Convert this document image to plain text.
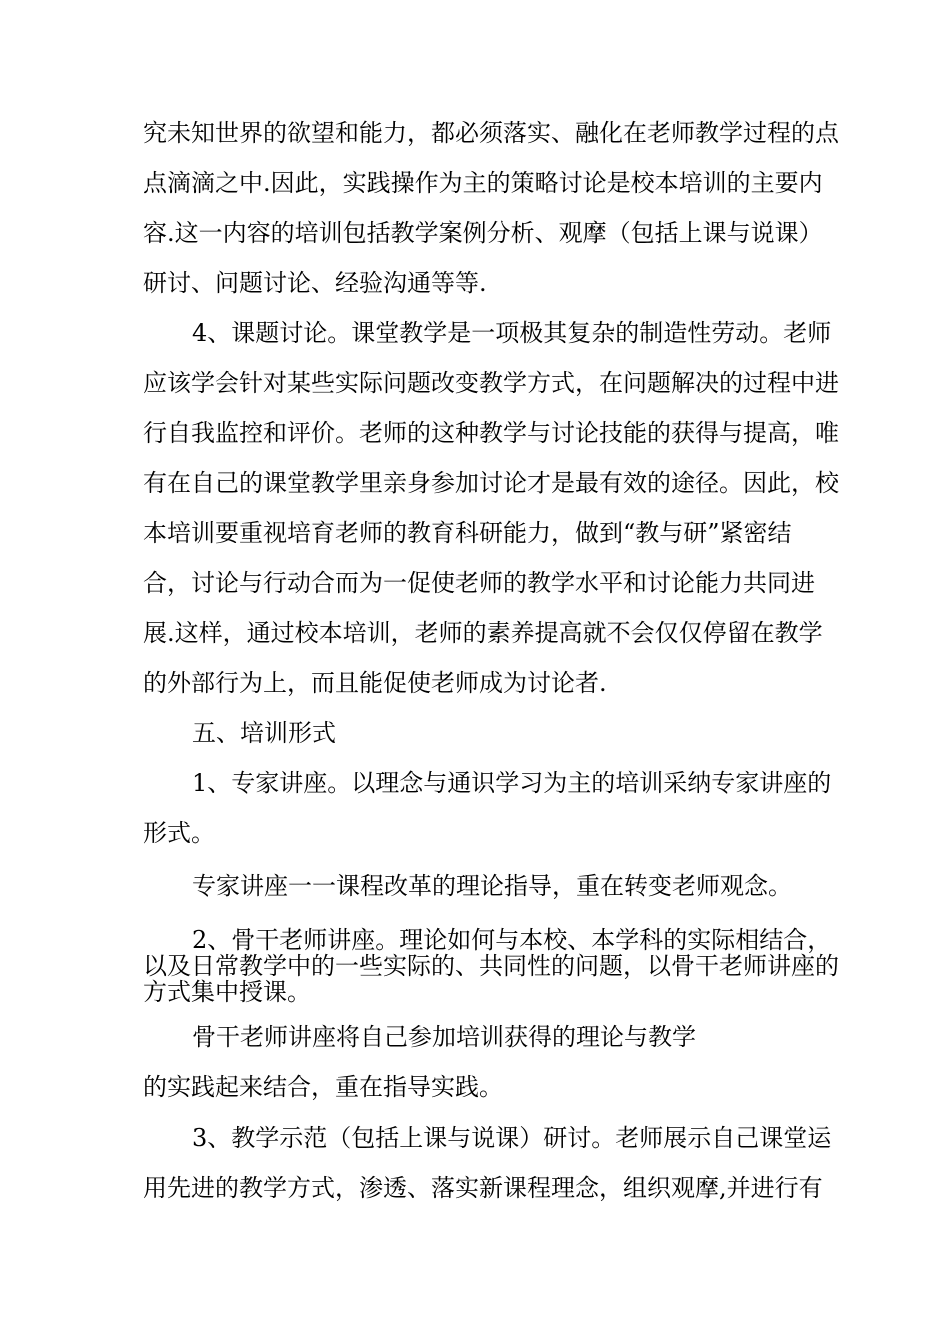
究未知世界的欲望和能力，都必须落实、融化在老师教学过程的点
点滴滴之中.因此，实践操作为主的策略讨论是校本培训的主要内
容.这一内容的培训包括教学案例分析、观摩（包括上课与说课）
研讨、问题讨论、经验沟通等等.
4、课题讨论。课堂教学是一项极其复杂的制造性劳动。老师
应该学会针对某些实际问题改变教学方式，在问题解决的过程中进
行自我监控和评价。老师的这种教学与讨论技能的获得与提高，唯
有在自己的课堂教学里亲身参加讨论才是最有效的途径。因此，校
本培训要重视培育老师的教育科研能力，做到“教与研”紧密结
合，讨论与行动合而为一促使老师的教学水平和讨论能力共同进
展.这样，通过校本培训，老师的素养提高就不会仅仅停留在教学
的外部行为上，而且能促使老师成为讨论者.
五、培训形式
1、专家讲座。以理念与通识学习为主的培训采纳专家讲座的
形式。
专家讲座一一课程改革的理论指导，重在转变老师观念。
2、骨干老师讲座。理论如何与本校、本学科的实际相结合，
以及日常教学中的一些实际的、共同性的问题，以骨干老师讲座的
方式集中授课。
骨干老师讲座将自己参加培训获得的理论与教学
的实践起来结合，重在指导实践。
3、教学示范（包括上课与说课）研讨。老师展示自己课堂运
用先进的教学方式，渗透、落实新课程理念，组织观摩,并进行有
